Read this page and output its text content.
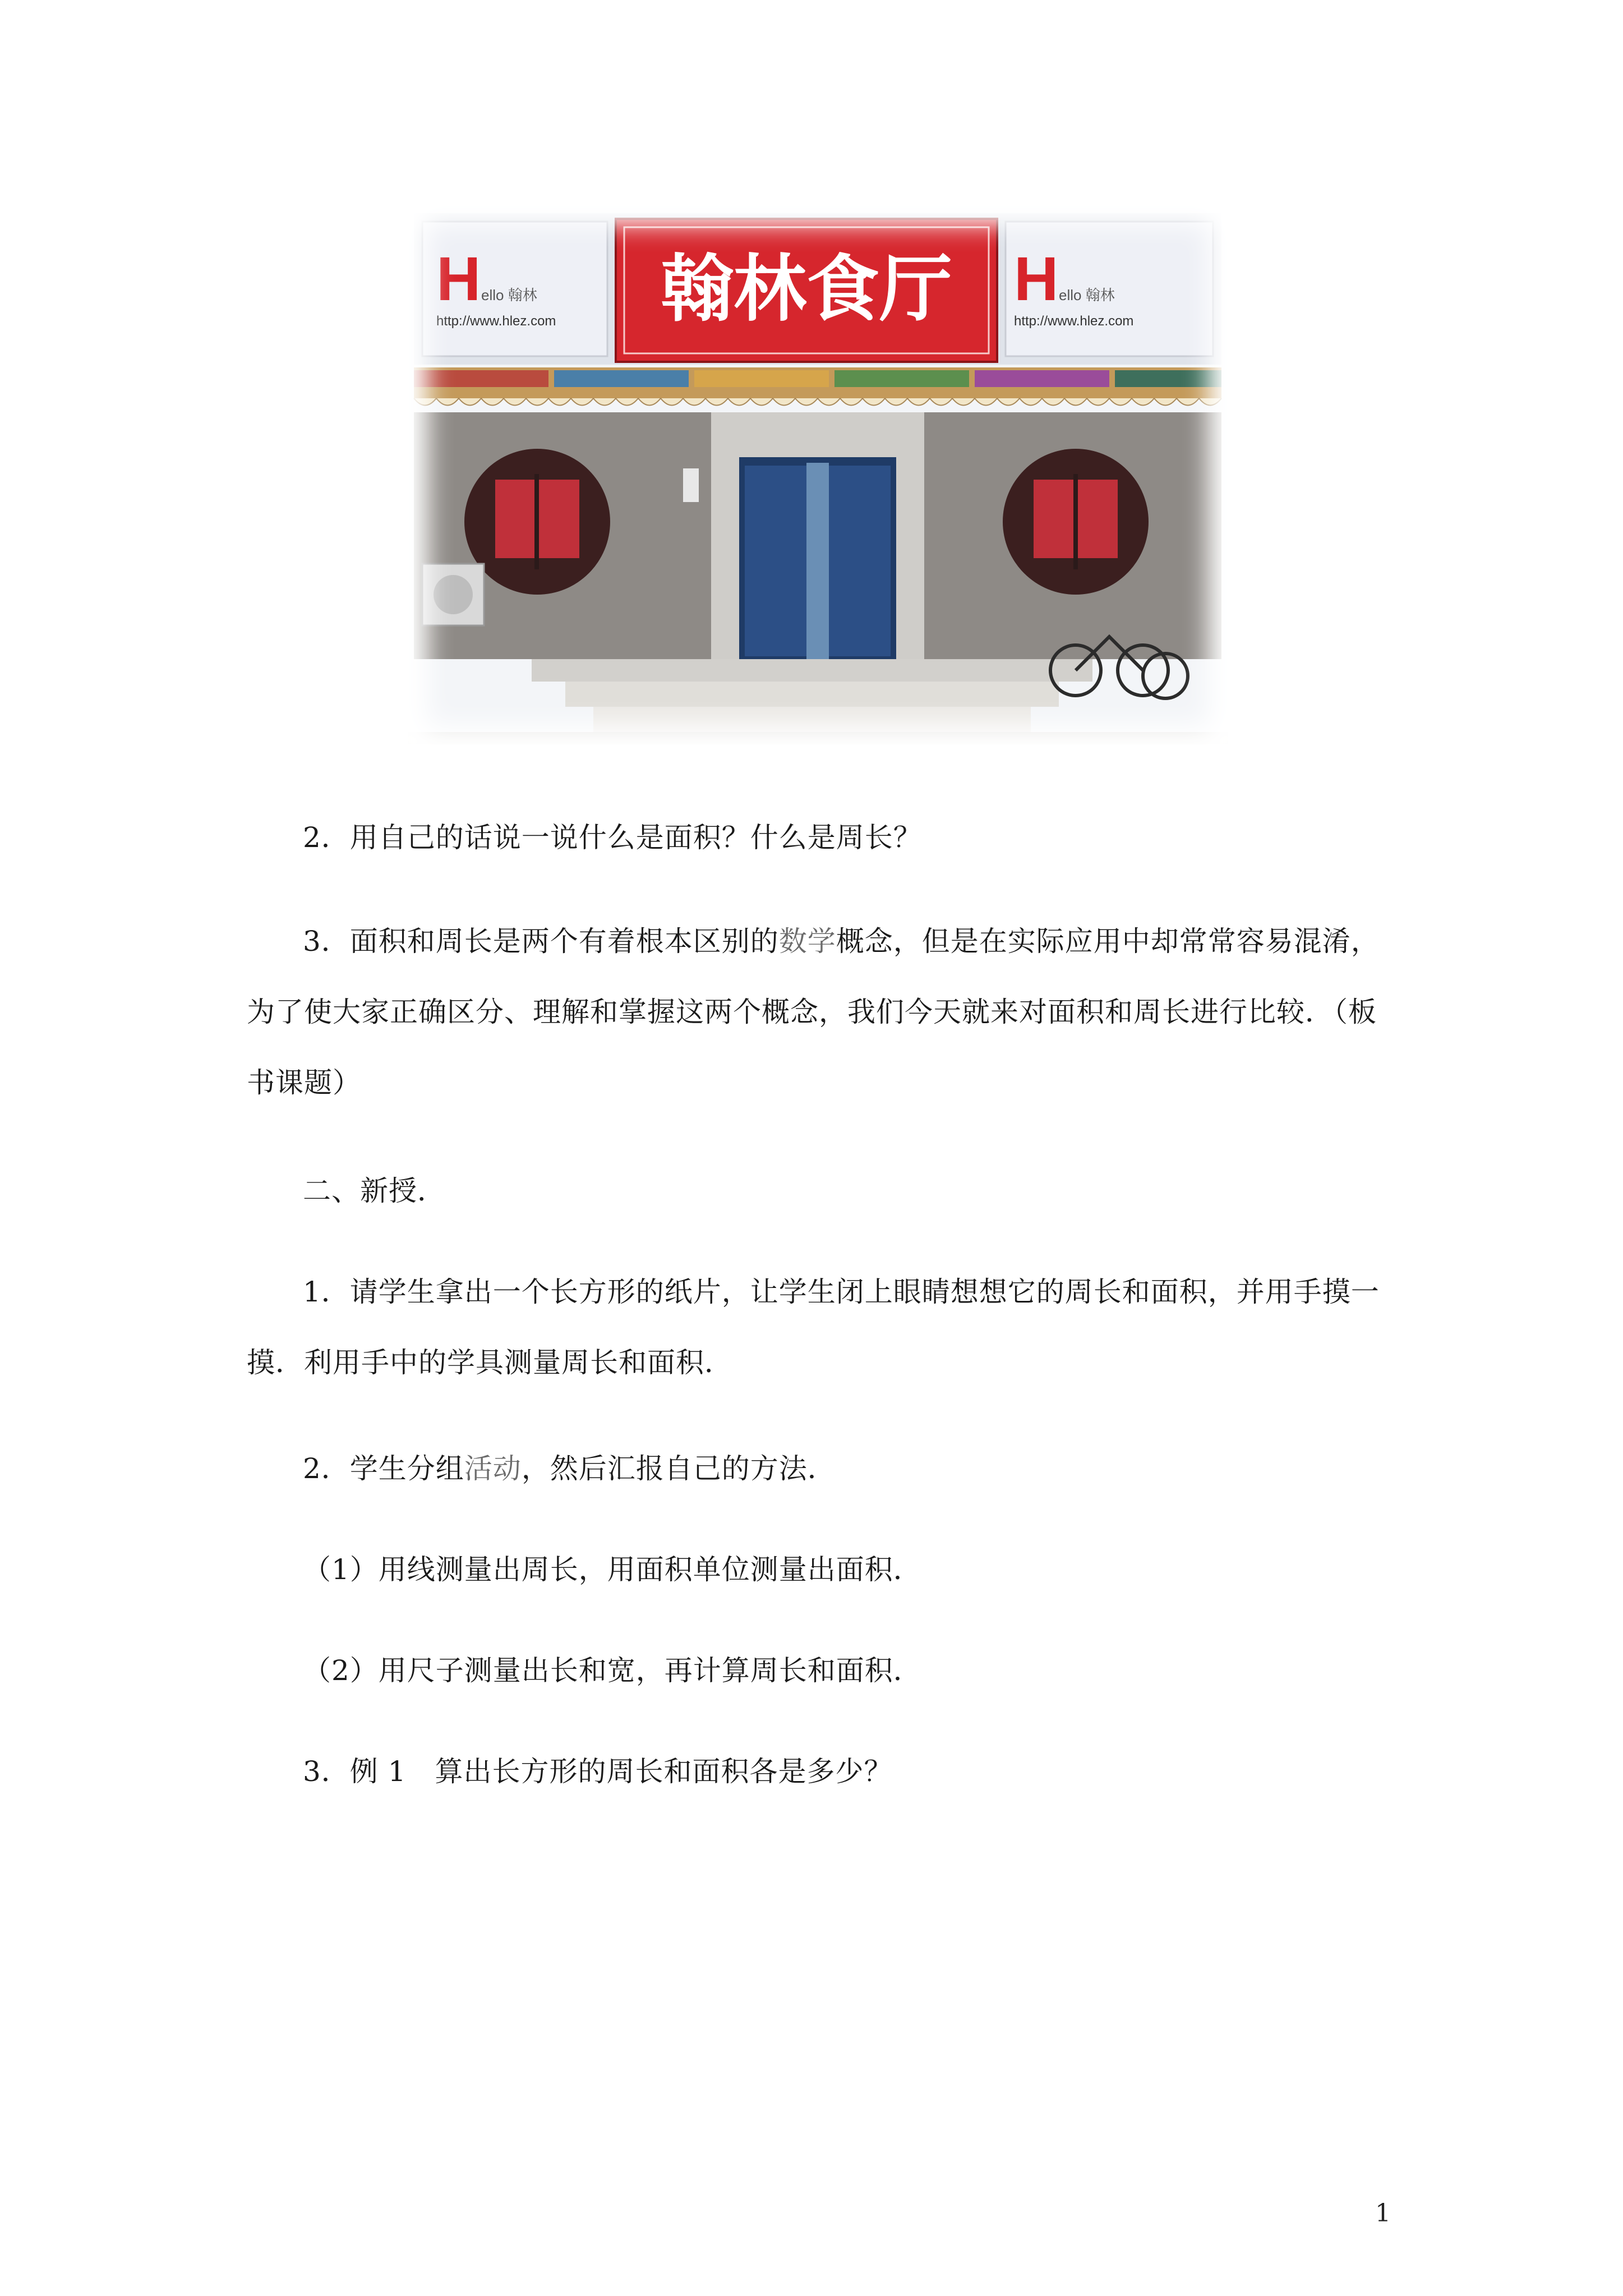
H ello 翰林
http://www.hlez.com 翰林食厅 H ello 翰林
http://www.hlez.com

2．用自己的话说一说什么是面积？什么是周长？

3．面积和周长是两个有着根本区别的数学概念，但是在实际应用中却常常容易混淆，为了使大家正确区分、理解和掌握这两个概念，我们今天就来对面积和周长进行比较．（板书课题）

二、新授．

1．请学生拿出一个长方形的纸片，让学生闭上眼睛想想它的周长和面积，并用手摸一摸．利用手中的学具测量周长和面积．

2．学生分组活动，然后汇报自己的方法．

（1）用线测量出周长，用面积单位测量出面积．

（2）用尺子测量出长和宽，再计算周长和面积．

3．例 1　算出长方形的周长和面积各是多少？

1
